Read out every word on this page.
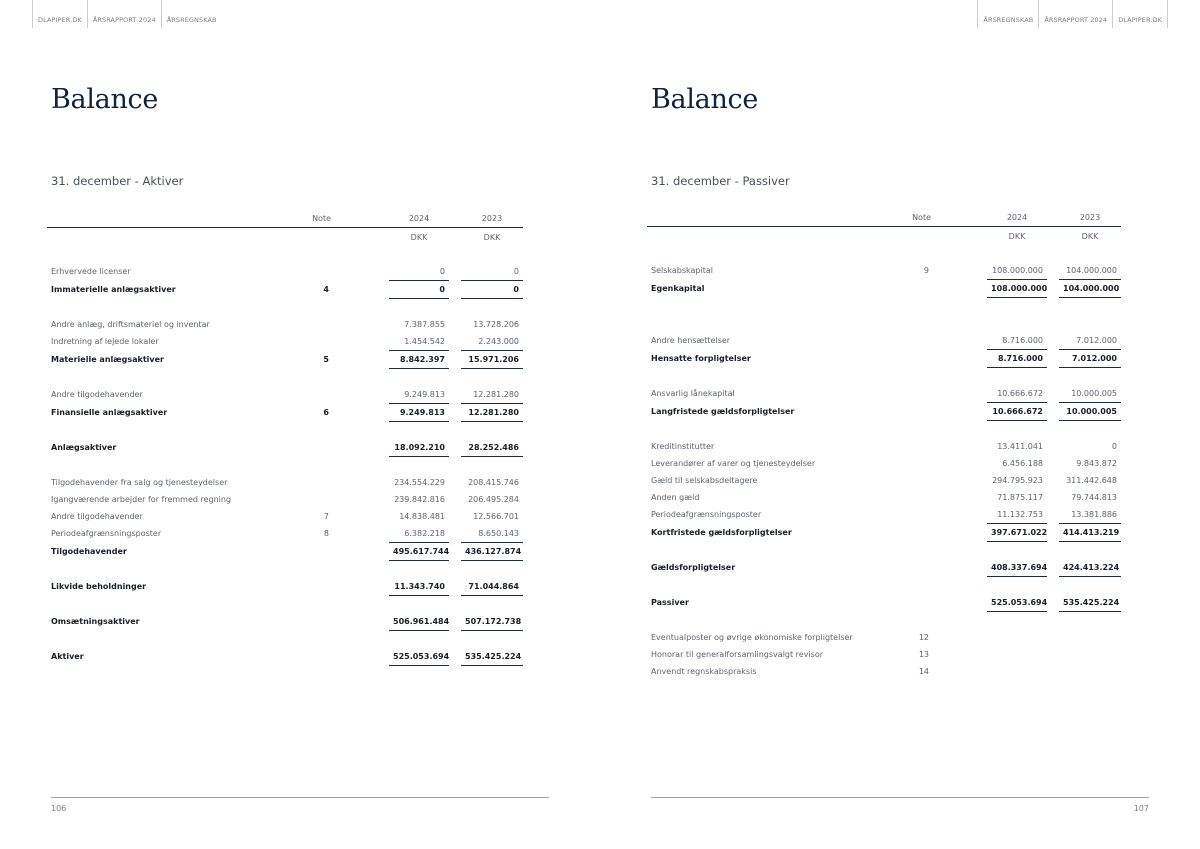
DLAPIPER.DK	ÅRSRAPPORT 2024	ÅRSREGNSKAB
Balance
31. december - Aktiver
	Note		2024		2023
			DKK		DKK

Erhvervede licenser			0		0
Immaterielle anlægsaktiver	4		0		0

Andre anlæg, driftsmateriel og inventar			7.387.855		13.728.206
Indretning af lejede lokaler			1.454.542		2.243.000
Materielle anlægsaktiver	5		8.842.397		15.971.206

Andre tilgodehavender			9.249.813		12.281.280
Finansielle anlægsaktiver	6		9.249.813		12.281.280

Anlægsaktiver			18.092.210		28.252.486

Tilgodehavender fra salg og tjenesteydelser			234.554.229		208.415.746
Igangværende arbejder for fremmed regning			239.842.816		206.495.284
Andre tilgodehavender	7		14.838.481		12.566.701
Periodeafgrænsningsposter	8		6.382.218		8.650.143
Tilgodehavender			495.617.744		436.127.874

Likvide beholdninger			11.343.740		71.044.864

Omsætningsaktiver			506.961.484		507.172.738

Aktiver			525.053.694		535.425.224
106
ÅRSREGNSKAB	ÅRSRAPPORT 2024	DLAPIPER.DK
Balance
31. december - Passiver
	Note		2024		2023
			DKK		DKK

Selskabskapital	9		108.000.000		104.000.000
Egenkapital			108.000.000		104.000.000

Andre hensættelser			8.716.000		7.012.000
Hensatte forpligtelser			8.716.000		7.012.000

Ansvarlig lånekapital			10.666.672		10.000.005
Langfristede gældsforpligtelser			10.666.672		10.000.005

Kreditinstitutter			13.411.041		0
Leverandører af varer og tjenesteydelser			6.456.188		9.843.872
Gæld til selskabsdeltagere			294.795.923		311.442.648
Anden gæld			71.875.117		79.744.813
Periodeafgrænsningsposter			11.132.753		13.381.886
Kortfristede gældsforpligtelser			397.671.022		414.413.219

Gældsforpligtelser			408.337.694		424.413.224

Passiver			525.053.694		535.425.224

Eventualposter og øvrige økonomiske forpligtelser	12				
Honorar til generalforsamlingsvalgt revisor	13				
Anvendt regnskabspraksis	14				
107
